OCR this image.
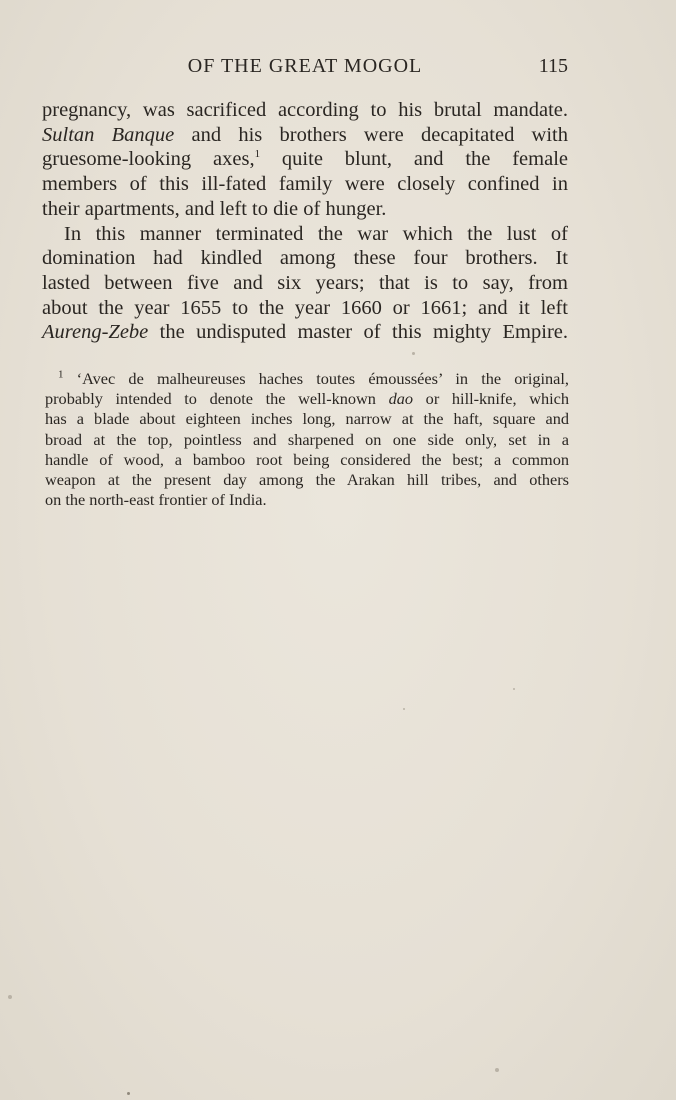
OF THE GREAT MOGOL	115
pregnancy, was sacrificed according to his brutal mandate.
Sultan Banque and his brothers were decapitated with
gruesome-looking axes,$^1$ quite blunt, and the female
members of this ill-fated family were closely confined in
their apartments, and left to die of hunger.
In this manner terminated the war which the lust of
domination had kindled among these four brothers. It
lasted between five and six years; that is to say, from
about the year 1655 to the year 1660 or 1661; and it left
Aureng-Zebe the undisputed master of this mighty Empire.
$^1$ ‘Avec de malheureuses haches toutes émoussées’ in the original,
probably intended to denote the well-known dao or hill-knife, which
has a blade about eighteen inches long, narrow at the haft, square and
broad at the top, pointless and sharpened on one side only, set in a
handle of wood, a bamboo root being considered the best; a common
weapon at the present day among the Arakan hill tribes, and others
on the north-east frontier of India.
